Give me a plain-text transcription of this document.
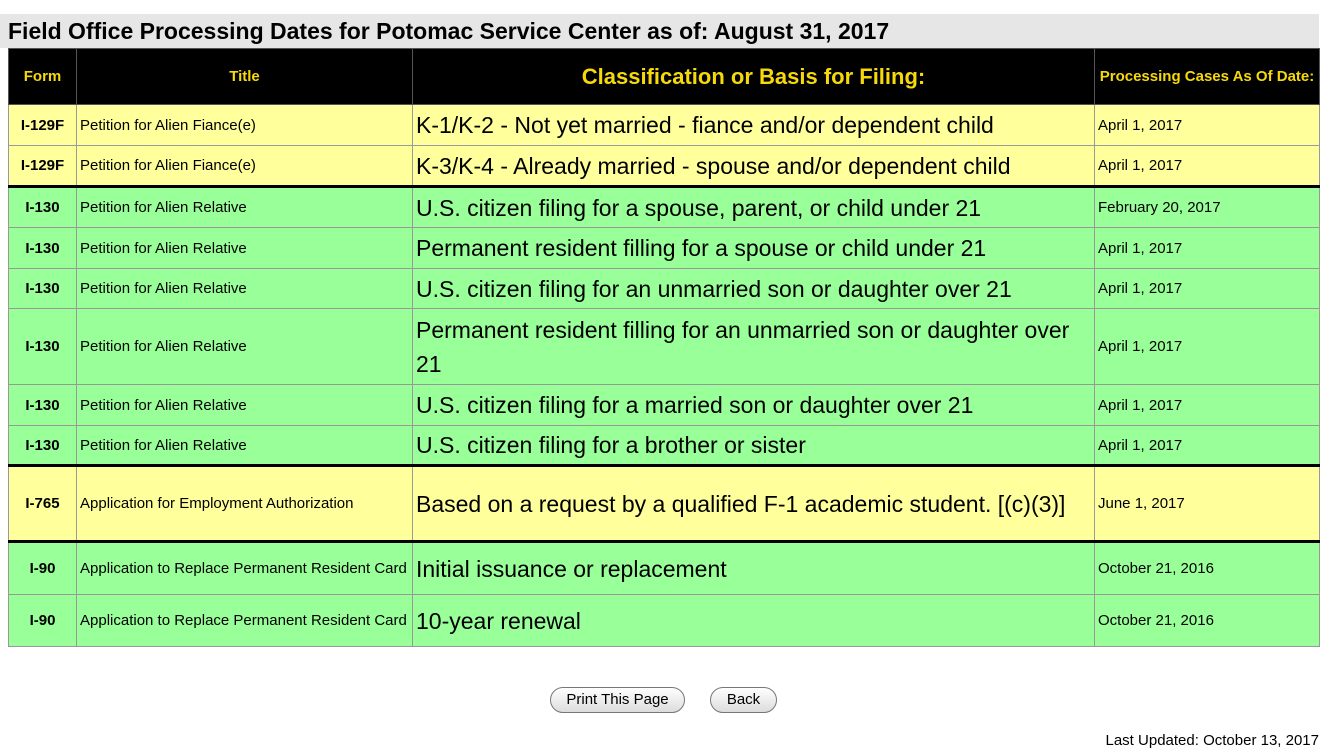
Field Office Processing Dates for Potomac Service Center as of: August 31, 2017
Form	Title	Classification or Basis for Filing:	Processing Cases As Of Date:
I-129F	Petition for Alien Fiance(e)	K-1/K-2 - Not yet married - fiance and/or dependent child	April 1, 2017
I-129F	Petition for Alien Fiance(e)	K-3/K-4 - Already married - spouse and/or dependent child	April 1, 2017
I-130	Petition for Alien Relative	U.S. citizen filing for a spouse, parent, or child under 21	February 20, 2017
I-130	Petition for Alien Relative	Permanent resident filling for a spouse or child under 21	April 1, 2017
I-130	Petition for Alien Relative	U.S. citizen filing for an unmarried son or daughter over 21	April 1, 2017
I-130	Petition for Alien Relative	Permanent resident filling for an unmarried son or daughter over 21	April 1, 2017
I-130	Petition for Alien Relative	U.S. citizen filing for a married son or daughter over 21	April 1, 2017
I-130	Petition for Alien Relative	U.S. citizen filing for a brother or sister	April 1, 2017
I-765	Application for Employment Authorization	Based on a request by a qualified F-1 academic student. [(c)(3)]	June 1, 2017
I-90	Application to Replace Permanent Resident Card	Initial issuance or replacement	October 21, 2016
I-90	Application to Replace Permanent Resident Card	10-year renewal	October 21, 2016
Print This Page	Back
Last Updated: October 13, 2017
